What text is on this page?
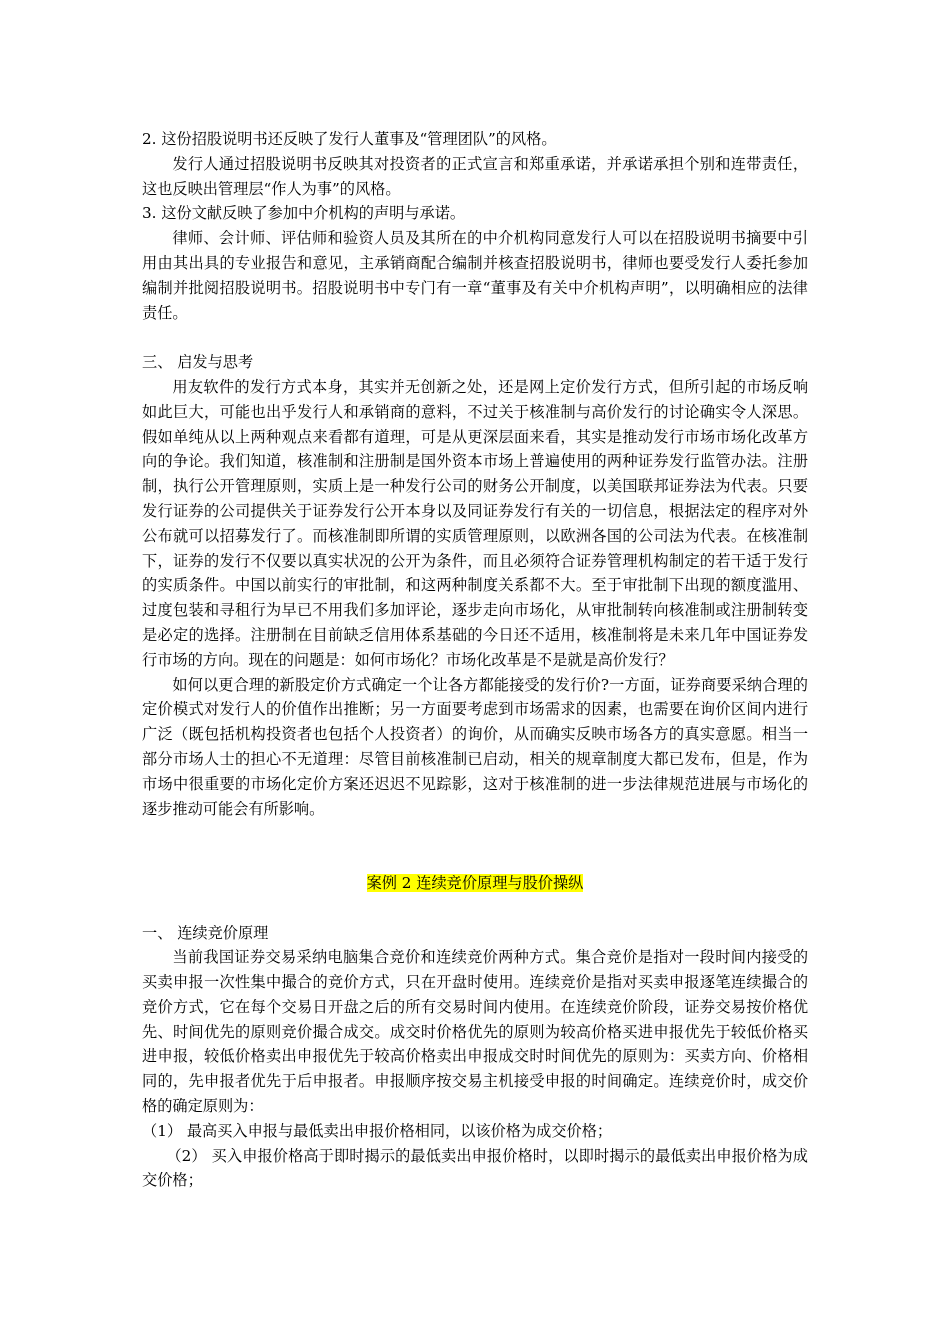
2. 这份招股说明书还反映了发行人董事及“管理团队”的风格。

发行人通过招股说明书反映其对投资者的正式宣言和郑重承诺，并承诺承担个别和连带责任，这也反映出管理层“作人为事”的风格。

3. 这份文献反映了参加中介机构的声明与承诺。

律师、会计师、评估师和验资人员及其所在的中介机构同意发行人可以在招股说明书摘要中引用由其出具的专业报告和意见，主承销商配合编制并核查招股说明书，律师也要受发行人委托参加编制并批阅招股说明书。招股说明书中专门有一章“董事及有关中介机构声明”，以明确相应的法律责任。

三、 启发与思考

用友软件的发行方式本身，其实并无创新之处，还是网上定价发行方式，但所引起的市场反响如此巨大，可能也出乎发行人和承销商的意料，不过关于核准制与高价发行的讨论确实令人深思。假如单纯从以上两种观点来看都有道理，可是从更深层面来看，其实是推动发行市场市场化改革方向的争论。我们知道，核准制和注册制是国外资本市场上普遍使用的两种证券发行监管办法。注册制，执行公开管理原则，实质上是一种发行公司的财务公开制度，以美国联邦证券法为代表。只要发行证券的公司提供关于证券发行公开本身以及同证券发行有关的一切信息，根据法定的程序对外公布就可以招募发行了。而核准制即所谓的实质管理原则，以欧洲各国的公司法为代表。在核准制下，证券的发行不仅要以真实状况的公开为条件，而且必须符合证券管理机构制定的若干适于发行的实质条件。中国以前实行的审批制，和这两种制度关系都不大。至于审批制下出现的额度滥用、过度包装和寻租行为早已不用我们多加评论，逐步走向市场化，从审批制转向核准制或注册制转变是必定的选择。注册制在目前缺乏信用体系基础的今日还不适用，核准制将是未来几年中国证券发行市场的方向。现在的问题是：如何市场化？市场化改革是不是就是高价发行？

如何以更合理的新股定价方式确定一个让各方都能接受的发行价?一方面，证券商要采纳合理的定价模式对发行人的价值作出推断；另一方面要考虑到市场需求的因素，也需要在询价区间内进行广泛（既包括机构投资者也包括个人投资者）的询价，从而确实反映市场各方的真实意愿。相当一部分市场人士的担心不无道理：尽管目前核准制已启动，相关的规章制度大都已发布，但是，作为市场中很重要的市场化定价方案还迟迟不见踪影，这对于核准制的进一步法律规范进展与市场化的逐步推动可能会有所影响。

案例 2 连续竞价原理与股价操纵

一、 连续竞价原理

当前我国证券交易采纳电脑集合竞价和连续竞价两种方式。集合竞价是指对一段时间内接受的买卖申报一次性集中撮合的竞价方式，只在开盘时使用。连续竞价是指对买卖申报逐笔连续撮合的竞价方式，它在每个交易日开盘之后的所有交易时间内使用。在连续竞价阶段，证券交易按价格优先、时间优先的原则竞价撮合成交。成交时价格优先的原则为较高价格买进申报优先于较低价格买进申报，较低价格卖出申报优先于较高价格卖出申报成交时时间优先的原则为：买卖方向、价格相同的，先申报者优先于后申报者。申报顺序按交易主机接受申报的时间确定。连续竞价时，成交价格的确定原则为：

（1） 最高买入申报与最低卖出申报价格相同，以该价格为成交价格；

（2） 买入申报价格高于即时揭示的最低卖出申报价格时，以即时揭示的最低卖出申报价格为成交价格；
